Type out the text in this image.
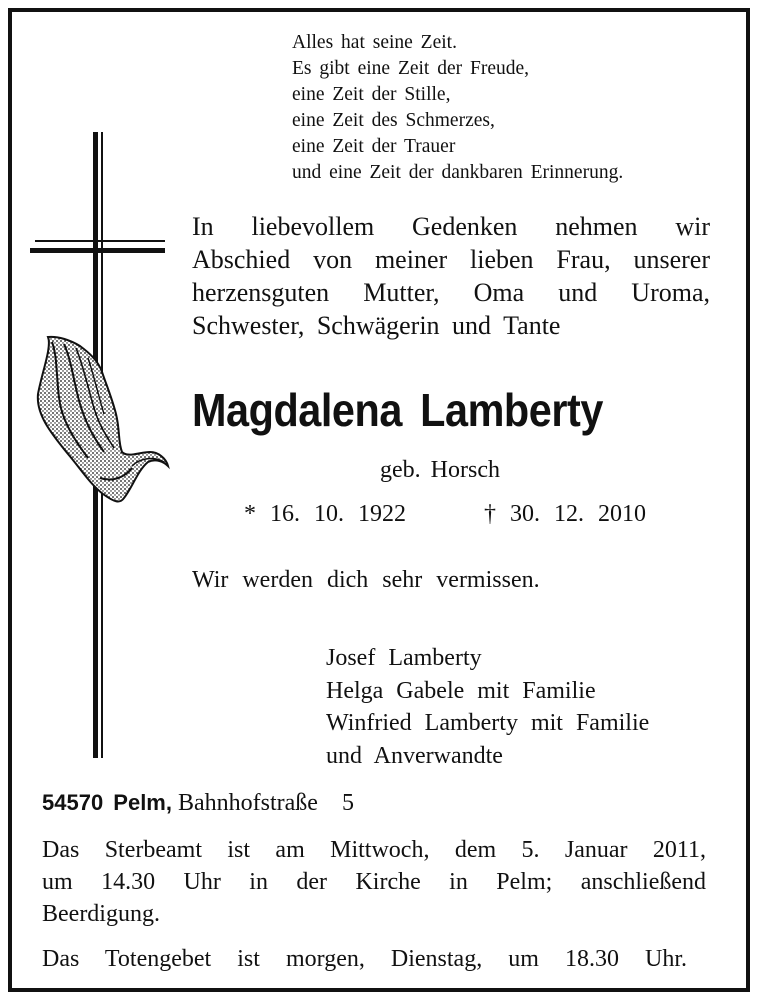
Alles hat seine Zeit.
Es gibt eine Zeit der Freude,
eine Zeit der Stille,
eine Zeit des Schmerzes,
eine Zeit der Trauer
und eine Zeit der dankbaren Erinnerung.
In liebevollem Gedenken nehmen wir
Abschied von meiner lieben Frau, unserer
herzensguten Mutter, Oma und Uroma,
Schwester, Schwägerin und Tante
Magdalena Lamberty
geb. Horsch
* 16. 10. 1922	† 30. 12. 2010
Wir werden dich sehr vermissen.
Josef Lamberty
Helga Gabele mit Familie
Winfried Lamberty mit Familie
und Anverwandte
54570 Pelm, Bahnhofstraße 5
Das Sterbeamt ist am Mittwoch, dem 5. Januar 2011,
um 14.30 Uhr in der Kirche in Pelm; anschließend
Beerdigung.
Das Totengebet ist morgen, Dienstag, um 18.30 Uhr.
